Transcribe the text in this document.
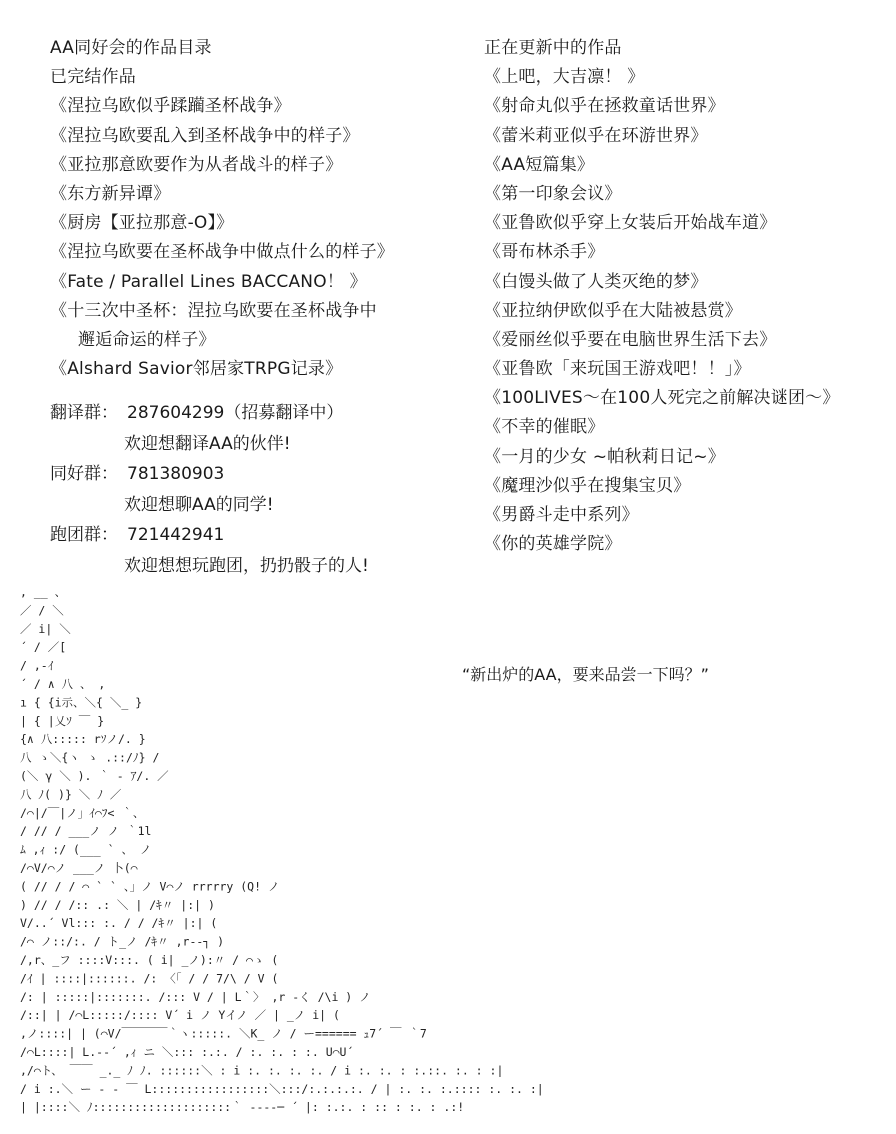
AA同好会的作品目录
已完结作品
《涅拉乌欧似乎蹂躏圣杯战争》
《涅拉乌欧要乱入到圣杯战争中的样子》
《亚拉那意欧要作为从者战斗的样子》
《东方新异谭》
《厨房【亚拉那意-O】》
《涅拉乌欧要在圣杯战争中做点什么的样子》
《Fate / Parallel Lines BACCANO！ 》
《十三次中圣杯：涅拉乌欧要在圣杯战争中
邂逅命运的样子》
《Alshard Savior邻居家TRPG记录》
翻译群： 287604299（招募翻译中）
欢迎想翻译AA的伙伴!
同好群： 781380903
欢迎想聊AA的同学!
跑团群： 721442941
欢迎想想玩跑团，扔扔骰子的人!
正在更新中的作品
《上吧，大吉凛！ 》
《射命丸似乎在拯救童话世界》
《蕾米莉亚似乎在环游世界》
《AA短篇集》
《第一印象会议》
《亚鲁欧似乎穿上女装后开始战车道》
《哥布林杀手》
《白馒头做了人类灭绝的梦》
《亚拉纳伊欧似乎在大陆被悬赏》
《爱丽丝似乎要在电脑世界生活下去》
《亚鲁欧「来玩国王游戏吧！！」》
《100LIVES～在100人死完之前解决谜团～》
《不幸的催眠》
《一月的少女 ~帕秋莉日记~》
《魔理沙似乎在搜集宝贝》
《男爵斗走中系列》
《你的英雄学院》
“新出炉的AA，要来品尝一下吗？”
, __ 、
／ / ＼
／ i| ＼
´ / ／[
/ ,-ｲ
´ / ∧ 八 、 ,
ı { {i示、＼{ ＼_ }
| { |乂ｿ ￣ }
{∧ 八::::: rｿノ/. }
八 ゝ＼{ヽ ゝ .::/ﾉ} /
(＼ γ ＼ ). ｀ ‐ ｱ/. ／
八 ﾉ( )} ＼ ﾉ ／
/⌒|/￣|ノ」ｲ⌒ﾌ< ｀、
/ // / ___ノ ノ ｀1l
ﾑ ,ｨ :/ (___ ` 、 ノ
/⌒V/⌒ノ ___ノ 卜(⌒
( // / / ⌒ ` ` 、」ノ V⌒ノ rrrrry (Q! ノ
) // / /:: .: ＼ | /ｷ〃 |:| )
V/..´ Vl::: :. / / /ｷ〃 |:| (
/⌒ ノ::/:. / ト_ノ /ｷ〃 ,r‐-┐ )
/,r、_フ ::::V:::. ( i| _ノ):〃 / ⌒ゝ (
/ｲ | ::::|::::::. /: 〈「 / / 7/\ / V (
/: | :::::|:::::::. /::: V / | L｀〉 ,r ‐く /\i ) ノ
/::| | /⌒L:::::/:::: V´ i ノ Yイノ ／ | _ノ i| (
,ノ::::| | (⌒V/￣￣￣￣｀ヽ:::::. ＼K_ ノ / ー====== ｭ7´ ￣ ｀7
/⌒L::::| L.-‐´ ,ｨ ニ ＼::: :.:. / :. :. : :. U⌒U´
,/⌒ト、 ￣￣ _._ ﾉ ﾉ. ::::::＼ : i :. :. :. :. / i :. :. : :.::. :. : :|
/ i :.＼ ー ‐ ‐ ￣ L:::::::::::::::::＼:::/:.:.:.:. / | :. :. :.:::: :. :. :|
| |::::＼ ﾉ::::::::::::::::::::｀ ‐‐‐‐─ ´ |: :.:. : :: : :. : .:!
